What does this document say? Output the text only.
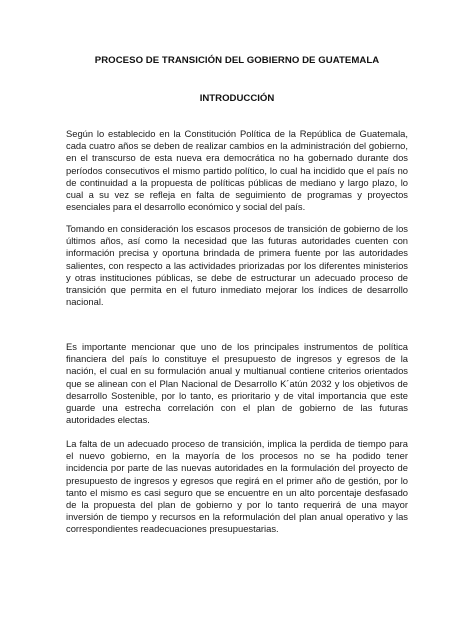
PROCESO DE TRANSICIÓN DEL GOBIERNO DE GUATEMALA
INTRODUCCIÓN

Según lo establecido en la Constitución Política de la República de Guatemala, cada cuatro años se deben de realizar cambios en la administración del gobierno, en el transcurso de esta nueva era democrática no ha gobernado durante dos períodos consecutivos el mismo partido político, lo cual ha incidido que el país no de continuidad a la propuesta de políticas públicas de mediano y largo plazo, lo cual a su vez se refleja en falta de seguimiento de programas y proyectos esenciales para el desarrollo económico y social del país.

Tomando en consideración los escasos procesos de transición de gobierno de los últimos años, así como la necesidad que las futuras autoridades cuenten con información precisa y oportuna brindada de primera fuente por las autoridades salientes, con respecto a las actividades priorizadas por los diferentes ministerios y otras instituciones públicas, se debe de estructurar un adecuado proceso de transición que permita en el futuro inmediato mejorar los índices de desarrollo nacional.

Es importante mencionar que uno de los principales instrumentos de política financiera del país lo constituye el presupuesto de ingresos y egresos de la nación, el cual en su formulación anual y multianual contiene criterios orientados que se alinean con el Plan Nacional de Desarrollo K´atún 2032 y los objetivos de desarrollo Sostenible, por lo tanto, es prioritario y de vital importancia que este guarde una estrecha correlación con el plan de gobierno de las futuras autoridades electas.

La falta de un adecuado proceso de transición, implica la perdida de tiempo para el nuevo gobierno, en la mayoría de los procesos no se ha podido tener incidencia por parte de las nuevas autoridades en la formulación del proyecto de presupuesto de ingresos y egresos que regirá en el primer año de gestión, por lo tanto el mismo es casi seguro que se encuentre en un alto porcentaje desfasado de la propuesta del plan de gobierno y por lo tanto requerirá de una mayor inversión de tiempo y recursos en la reformulación del plan anual operativo y las correspondientes readecuaciones presupuestarias.
